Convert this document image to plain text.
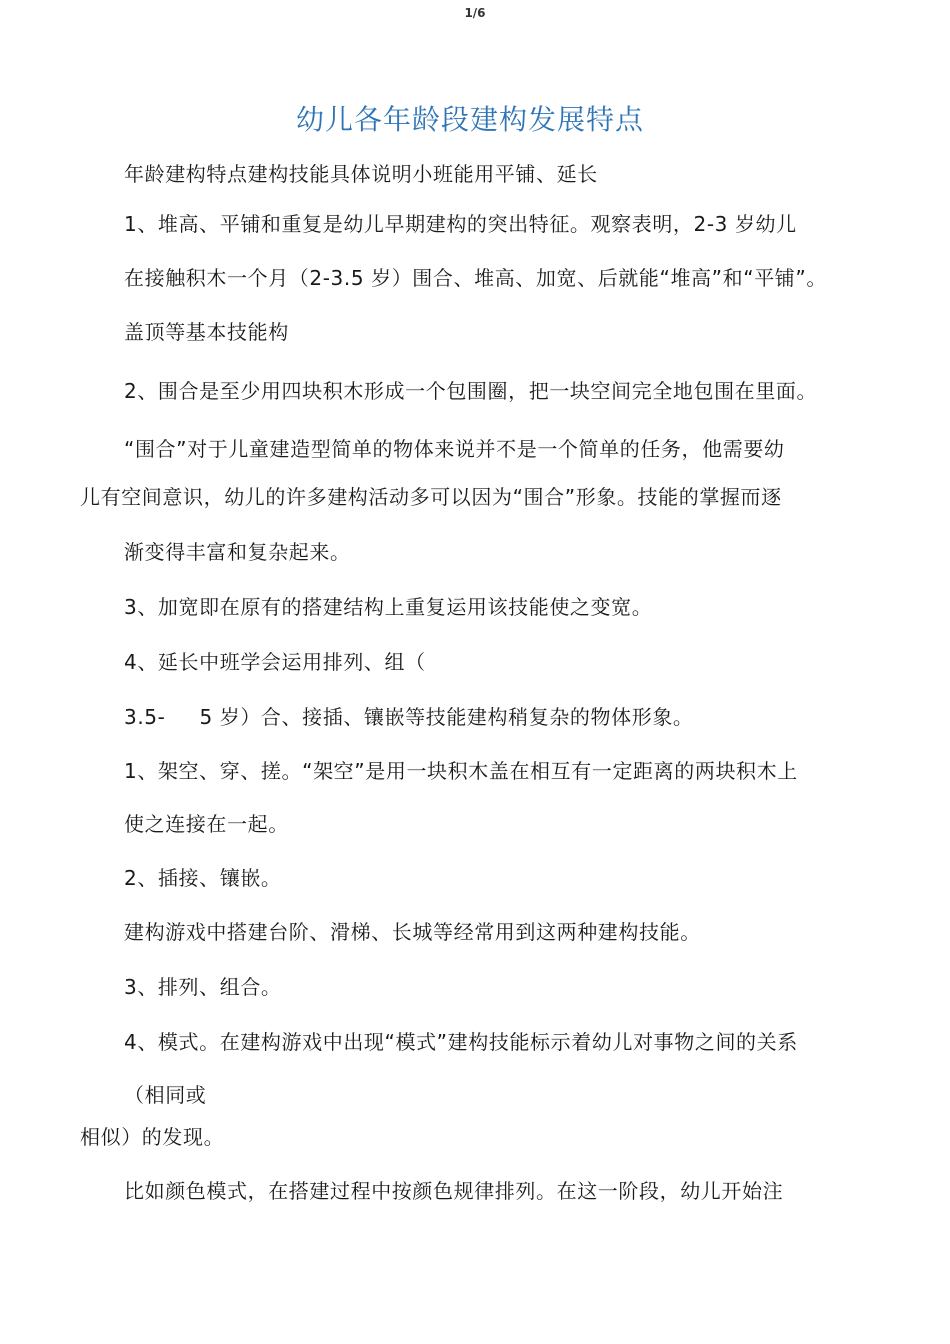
1/6
幼儿各年龄段建构发展特点

年龄建构特点建构技能具体说明小班能用平铺、延长

1、堆高、平铺和重复是幼儿早期建构的突出特征。观察表明，2-3 岁幼儿

在接触积木一个月（2-3.5 岁）围合、堆高、加宽、后就能“堆高”和“平铺”。

盖顶等基本技能构

2、围合是至少用四块积木形成一个包围圈，把一块空间完全地包围在里面。

“围合”对于儿童建造型简单的物体来说并不是一个简单的任务，他需要幼

儿有空间意识，幼儿的许多建构活动多可以因为“围合”形象。技能的掌握而逐

渐变得丰富和复杂起来。

3、加宽即在原有的搭建结构上重复运用该技能使之变宽。

4、延长中班学会运用排列、组（

3.5- 5 岁）合、接插、镶嵌等技能建构稍复杂的物体形象。

1、架空、穿、搓。“架空”是用一块积木盖在相互有一定距离的两块积木上

使之连接在一起。

2、插接、镶嵌。

建构游戏中搭建台阶、滑梯、长城等经常用到这两种建构技能。

3、排列、组合。

4、模式。在建构游戏中出现“模式”建构技能标示着幼儿对事物之间的关系

（相同或

相似）的发现。

比如颜色模式，在搭建过程中按颜色规律排列。在这一阶段，幼儿开始注
